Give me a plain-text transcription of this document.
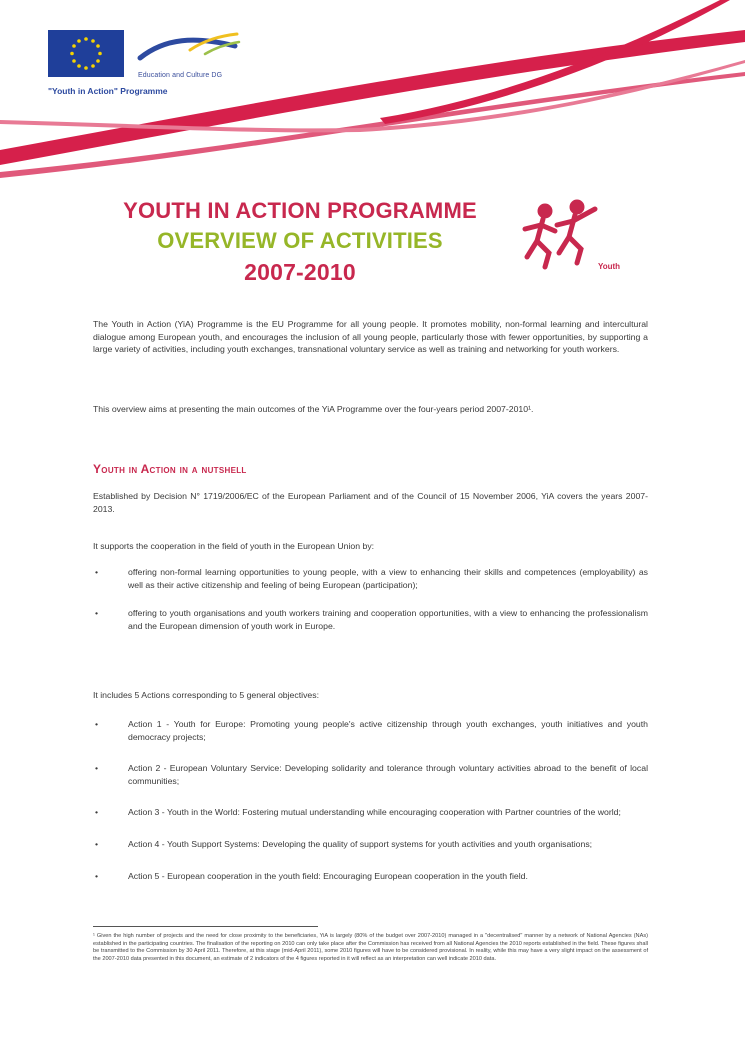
Education and Culture DG
"Youth in Action" Programme
YOUTH IN ACTION PROGRAMME
OVERVIEW OF ACTIVITIES
2007-2010	Youth

The Youth in Action (YiA) Programme is the EU Programme for all young people. It promotes mobility, non-formal learning and intercultural dialogue among European youth, and encourages the inclusion of all young people, particularly those with fewer opportunities, by supporting a large variety of activities, including youth exchanges, transnational voluntary service as well as training and networking for youth workers.

This overview aims at presenting the main outcomes of the YiA Programme over the four-years period 2007-2010¹.

Youth in Action in a nutshell

Established by Decision N° 1719/2006/EC of the European Parliament and of the Council of 15 November 2006, YiA covers the years 2007-2013.

It supports the cooperation in the field of youth in the European Union by:

•	offering non-formal learning opportunities to young people, with a view to enhancing their skills and competences (employability) as well as their active citizenship and feeling of being European (participation);
•	offering to youth organisations and youth workers training and cooperation opportunities, with a view to enhancing the professionalism and the European dimension of youth work in Europe.

It includes 5 Actions corresponding to 5 general objectives:

•	Action 1 - Youth for Europe: Promoting young people's active citizenship through youth exchanges, youth initiatives and youth democracy projects;
•	Action 2 - European Voluntary Service: Developing solidarity and tolerance through voluntary activities abroad to the benefit of local communities;
•	Action 3 - Youth in the World: Fostering mutual understanding while encouraging cooperation with Partner countries of the world;
•	Action 4 - Youth Support Systems: Developing the quality of support systems for youth activities and youth organisations;
•	Action 5 - European cooperation in the youth field: Encouraging European cooperation in the youth field.
¹ Given the high number of projects and the need for close proximity to the beneficiaries, YiA is largely (80% of the budget over 2007-2010) managed in a "decentralised" manner by a network of National Agencies (NAs) established in the participating countries. The finalisation of the reporting on 2010 can only take place after the Commission has received from all National Agencies the 2010 reports established in the field. These figures shall be transmitted to the Commission by 30 April 2011. Therefore, at this stage (mid-April 2011), some 2010 figures will have to be considered provisional. In reality, while this may have a very slight impact on the assessment of the 2007-2010 data presented in this document, an estimate of 2 indicators of the 4 figures reported in it will reflect as an interpretation can well indicate 2010 data.
